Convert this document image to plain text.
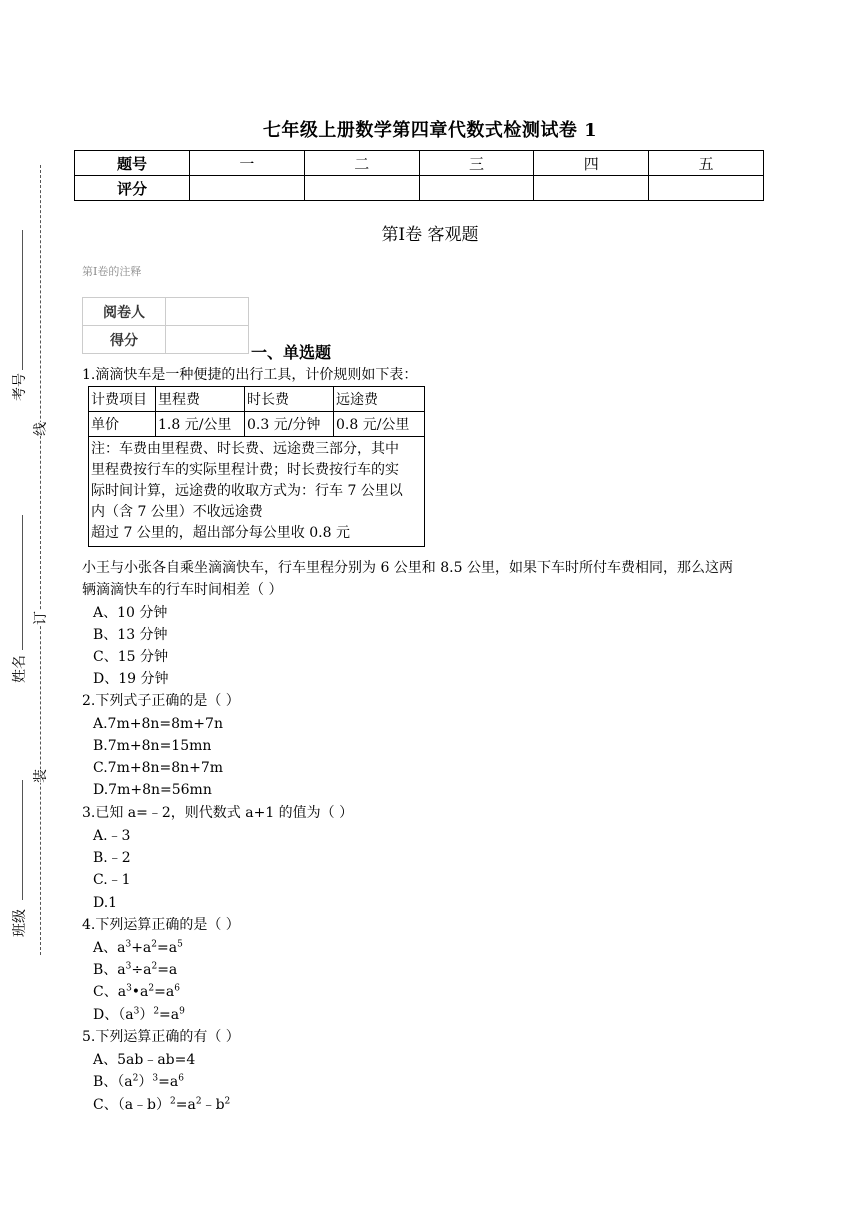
考号
线
姓名
订
装
班级
七年级上册数学第四章代数式检测试卷 1
题号	一	二	三	四	五
评分					
第Ⅰ卷 客观题
第Ⅰ卷的注释
阅卷人	
得分	
一、单选题
1.滴滴快车是一种便捷的出行工具，计价规则如下表：
计费项目	里程费	时长费	远途费
单价	1.8 元/公里	0.3 元/分钟	0.8 元/公里

注：车费由里程费、时长费、远途费三部分，其中
里程费按行车的实际里程计费；时长费按行车的实
际时间计算，远途费的收取方式为：行车 7 公里以
内（含 7 公里）不收远途费
超过 7 公里的，超出部分每公里收 0.8 元			
小王与小张各自乘坐滴滴快车，行车里程分别为 6 公里和 8.5 公里，如果下车时所付车费相同，那么这两
辆滴滴快车的行车时间相差（ ）
A、10 分钟
B、13 分钟
C、15 分钟
D、19 分钟
2.下列式子正确的是（ ）
A.7m+8n=8m+7n
B.7m+8n=15mn
C.7m+8n=8n+7m
D.7m+8n=56mn
3.已知 a=﹣2，则代数式 a+1 的值为（ ）
A.﹣3
B.﹣2
C.﹣1
D.1
4.下列运算正确的是（ ）
A、$a^3+a^2=a^5$
B、$a^3\div a^2=a$
C、$a^3•a^2=a^6$
D、$(a^3)^2=a^9$
5.下列运算正确的有（ ）
A、5ab﹣ab=4
B、$(a^2)^3=a^6$
C、$(a﹣b)^2=a^2﹣b^2$
